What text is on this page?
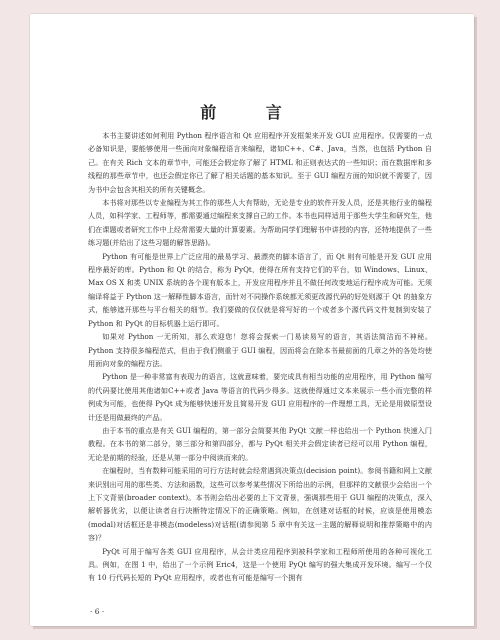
前 言

本书主要讲述如何利用 Python 程序语言和 Qt 应用程序开发框架来开发 GUI 应用程序。仅需要的一点必备知识是，要能够使用一些面向对象编程语言来编程，诸如C++、C#、Java，当然，也包括 Python 自己。在有关 Rich 文本的章节中，可能还会假定你了解了 HTML 和正则表达式的一些知识；而在数据库和多线程的那些章节中，也还会假定你已了解了相关话题的基本知识。至于 GUI 编程方面的知识就不需要了，因为书中会包含其相关的所有关键概念。

本书将对那些以专业编程为其工作的那些人大有帮助，无论是专业的软件开发人员，还是其他行业的编程人员，如科学家、工程师等，都需要通过编程来支撑自己的工作。本书也同样适用于那些大学生和研究生，他们在课题或者研究工作中上经常需要大量的计算要素。为帮助同学们理解书中讲授的内容，还特地提供了一些练习题(并给出了这些习题的解答思路)。

Python 有可能是世界上广泛应用的最易学习、最漂亮的脚本语言了，而 Qt 则有可能是开发 GUI 应用程序最好的库。Python 和 Qt 的结合，称为 PyQt，使得在所有支持它们的平台，如 Windows、Linux、Max OS X 和类 UNIX 系统的各个现有版本上，开发应用程序并且不做任何改变地运行程序成为可能。无须编译将益于 Python 这一解释性脚本语言，而针对不同操作系统都无须更改源代码的好处则源于 Qt 的抽象方式，能够遮开那些与平台相关的细节。我们要做的仅仅就是将写好的一个或者多个源代码文件复制到安装了 Python 和 PyQt 的目标机器上运行即可。

如果对 Python 一无所知，那么欢迎您！您将会探索一门易读易写的语言，其语法简洁而不神秘。Python 支持很多编程范式，但由于我们侧重于 GUI 编程，因而将会在除本书最前面的几章之外的各处均使用面向对象的编程方法。

Python 是一种非常富有表现力的语言，这就意味着，要完成具有相当功能的应用程序，用 Python 编写的代码要比使用其他诸如C++或者 Java 等语言的代码少得多。这就使得通过文本来展示一些小而完整的样例成为可能，也使得 PyQt 成为能够快速开发且简易开发 GUI 应用程序的一件理想工具，无论是用做原型设计还是用做最终的产品。

由于本书的重点是有关 GUI 编程的，第一部分会简要其他 PyQt 文献一样也给出一个 Python 快速入门教程。在本书的第二部分，第三部分和第四部分，都与 PyQt 相关并会假定读者已经可以用 Python 编程，无论是前期的经验，还是从第一部分中阅读而来的。

在编程时，当有数种可能采用的可行方法时就会经常遇到决策点(decision point)。参阅书籍和网上文献来识别出可用的那些类、方法和函数，这些可以参考某些情况下所给出的示例，但那样的文献很少会给出一个上下文背景(broader context)。本书则会给出必要的上下文背景，强调那些用于 GUI 编程的决策点，深入解析器优劣，以便让读者自行决断特定情况下的正确策略。例如，在创建对话框的时候，应该是使用模态(modal)对话框还是非模态(modeless)对话框(请参阅第 5 章中有关这一主题的解释说明和推荐策略中的内容)？

PyQt 可用于编写各类 GUI 应用程序，从会计类应用程序到被科学家和工程师所使用的各种可视化工具。例如，在图 1 中，给出了一个示例 Eric4，这是一个使用 PyQt 编写的强大集成开发环境。编写一个仅有 10 行代码长短的 PyQt 应用程序，或者也有可能是编写一个拥有

· 6 ·
